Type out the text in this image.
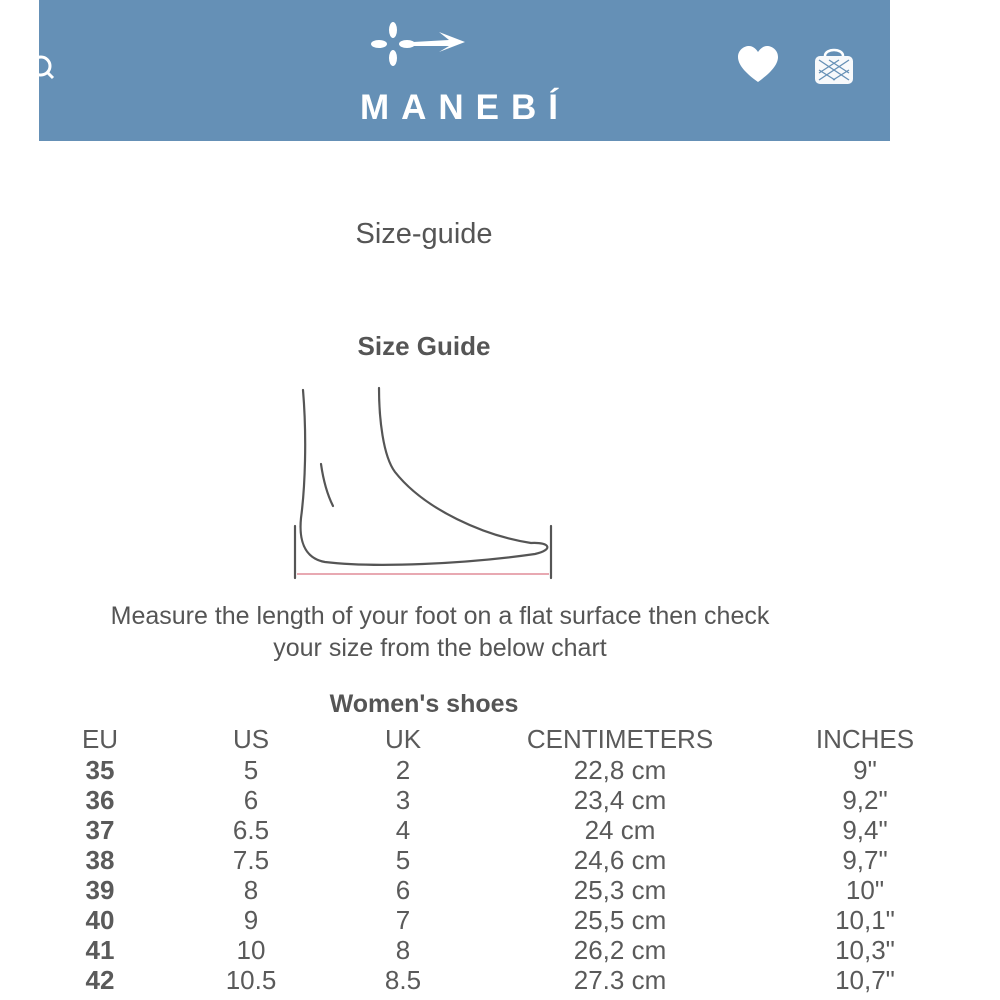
MANEBÍ
Size-guide
Size Guide
Measure the length of your foot on a flat surface then check
your size from the below chart
Women's shoes
EU	US	UK	CENTIMETERS	INCHES
35	5	2	22,8 cm	9"
36	6	3	23,4 cm	9,2"
37	6.5	4	24 cm	9,4"
38	7.5	5	24,6 cm	9,7"
39	8	6	25,3 cm	10"
40	9	7	25,5 cm	10,1"
41	10	8	26,2 cm	10,3"
42	10.5	8.5	27.3 cm	10,7"
